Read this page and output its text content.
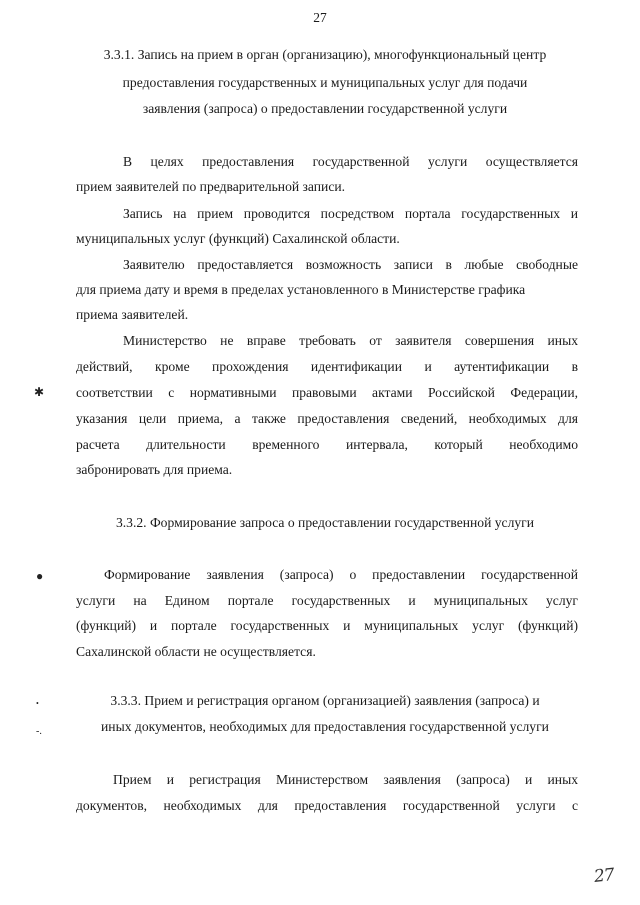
27
3.3.1. Запись на прием в орган (организацию), многофункциональный центр
предоставления государственных и муниципальных услуг для подачи
заявления (запроса) о предоставлении государственной услуги
В целях предоставления государственной услуги осуществляется
прием заявителей по предварительной записи.
Запись на прием проводится посредством портала государственных и
муниципальных услуг (функций) Сахалинской области.
Заявителю предоставляется возможность записи в любые свободные
для приема дату и время в пределах установленного в Министерстве графика
приема заявителей.
Министерство не вправе требовать от заявителя совершения иных
действий, кроме прохождения идентификации и аутентификации в
соответствии с нормативными правовыми актами Российской Федерации,
указания цели приема, а также предоставления сведений, необходимых для
расчета длительности временного интервала, который необходимо
забронировать для приема.
3.3.2. Формирование запроса о предоставлении государственной услуги
Формирование заявления (запроса) о предоставлении государственной
услуги на Едином портале государственных и муниципальных услуг
(функций) и портале государственных и муниципальных услуг (функций)
Сахалинской области не осуществляется.
3.3.3. Прием и регистрация органом (организацией) заявления (запроса) и
иных документов, необходимых для предоставления государственной услуги
Прием и регистрация Министерством заявления (запроса) и иных
документов, необходимых для предоставления государственной услуги с
✱
●
•
-.
27
